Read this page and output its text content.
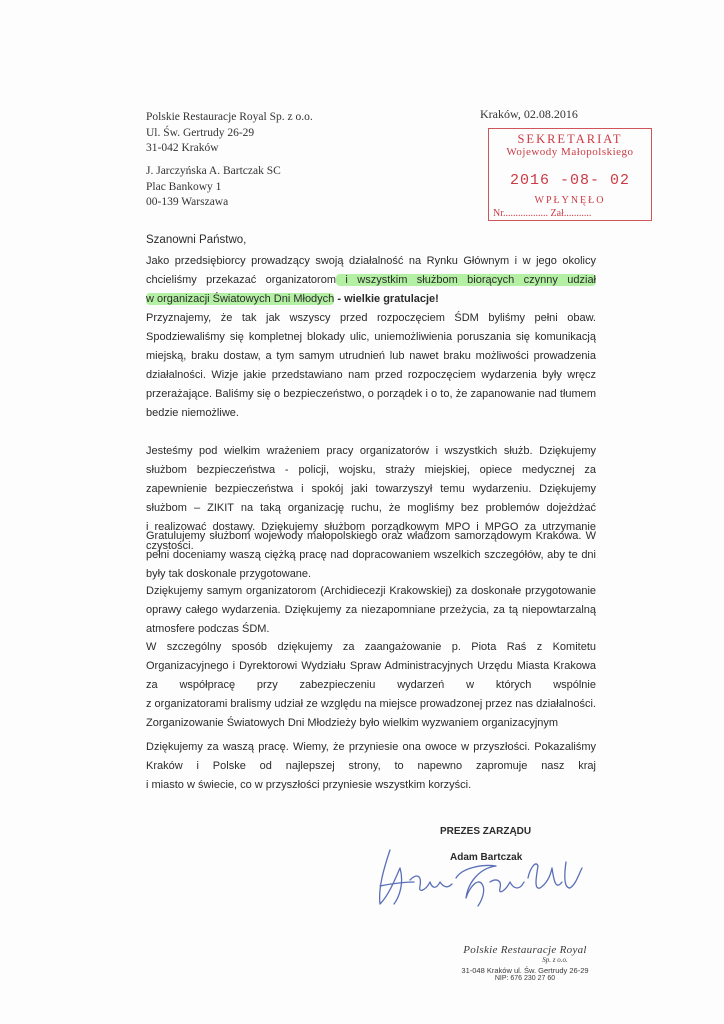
Polskie Restauracje Royal Sp. z o.o.
Ul. Św. Gertrudy 26-29
31-042 Kraków
Kraków, 02.08.2016
J. Jarczyńska A. Bartczak SC
Plac Bankowy 1
00-139 Warszawa
SEKRETARIAT
Wojewody Małopolskiego
2016 -08- 02
WPŁYNĘŁO
Nr.................. Zał...........
Szanowni Państwo,
Jako przedsiębiorcy prowadzący swoją działalność na Rynku Głównym i w jego okolicy
chcieliśmy przekazać organizatorom i wszystkim służbom biorących czynny udział
w organizacji Światowych Dni Młodych - wielkie gratulacje!
Przyznajemy, że tak jak wszyscy przed rozpoczęciem ŚDM byliśmy pełni obaw.
Spodziewaliśmy się kompletnej blokady ulic, uniemożliwienia poruszania się komunikacją
miejską, braku dostaw, a tym samym utrudnień lub nawet braku możliwości prowadzenia
działalności. Wizje jakie przedstawiano nam przed rozpoczęciem wydarzenia były wręcz
przerażające. Baliśmy się o bezpieczeństwo, o porządek i o to, że zapanowanie nad tłumem
bedzie niemożliwe.
Jesteśmy pod wielkim wrażeniem pracy organizatorów i wszystkich służb. Dziękujemy
służbom bezpieczeństwa - policji, wojsku, straży miejskiej, opiece medycznej za
zapewnienie bezpieczeństwa i spokój jaki towarzyszył temu wydarzeniu. Dziękujemy
służbom – ZIKIT na taką organizację ruchu, że mogliśmy bez problemów dojeżdżać
i realizować dostawy. Dziękujemy służbom porządkowym MPO i MPGO za utrzymanie
czystości.
Gratulujemy służbom wojewody małopolskiego oraz władzom samorządowym Krakowa. W
pełni doceniamy waszą ciężką pracę nad dopracowaniem wszelkich szczegółów, aby te dni
były tak doskonale przygotowane.
Dziękujemy samym organizatorom (Archidiecezji Krakowskiej) za doskonałe przygotowanie
oprawy całego wydarzenia. Dziękujemy za niezapomniane przeżycia, za tą niepowtarzalną
atmosfere podczas ŚDM.
W szczególny sposób dziękujemy za zaangażowanie p. Piota Raś z Komitetu
Organizacyjnego i Dyrektorowi Wydziału Spraw Administracyjnych Urzędu Miasta Krakowa
za współpracę przy zabezpieczeniu wydarzeń w których wspólnie
z organizatorami bralismy udział ze względu na miejsce prowadzonej przez nas działalności.
Zorganizowanie Światowych Dni Młodzieży było wielkim wyzwaniem organizacyjnym
Dziękujemy za waszą pracę. Wiemy, że przyniesie ona owoce w przyszłości. Pokazaliśmy
Kraków i Polske od najlepszej strony, to napewno zapromuje nasz kraj
i miasto w świecie, co w przyszłości przyniesie wszystkim korzyści.
PREZES ZARZĄDU
Adam Bartczak
Polskie Restauracje Royal
Sp. z o.o.
31-048 Kraków ul. Św. Gertrudy 26-29
NIP: 676 230 27 60
